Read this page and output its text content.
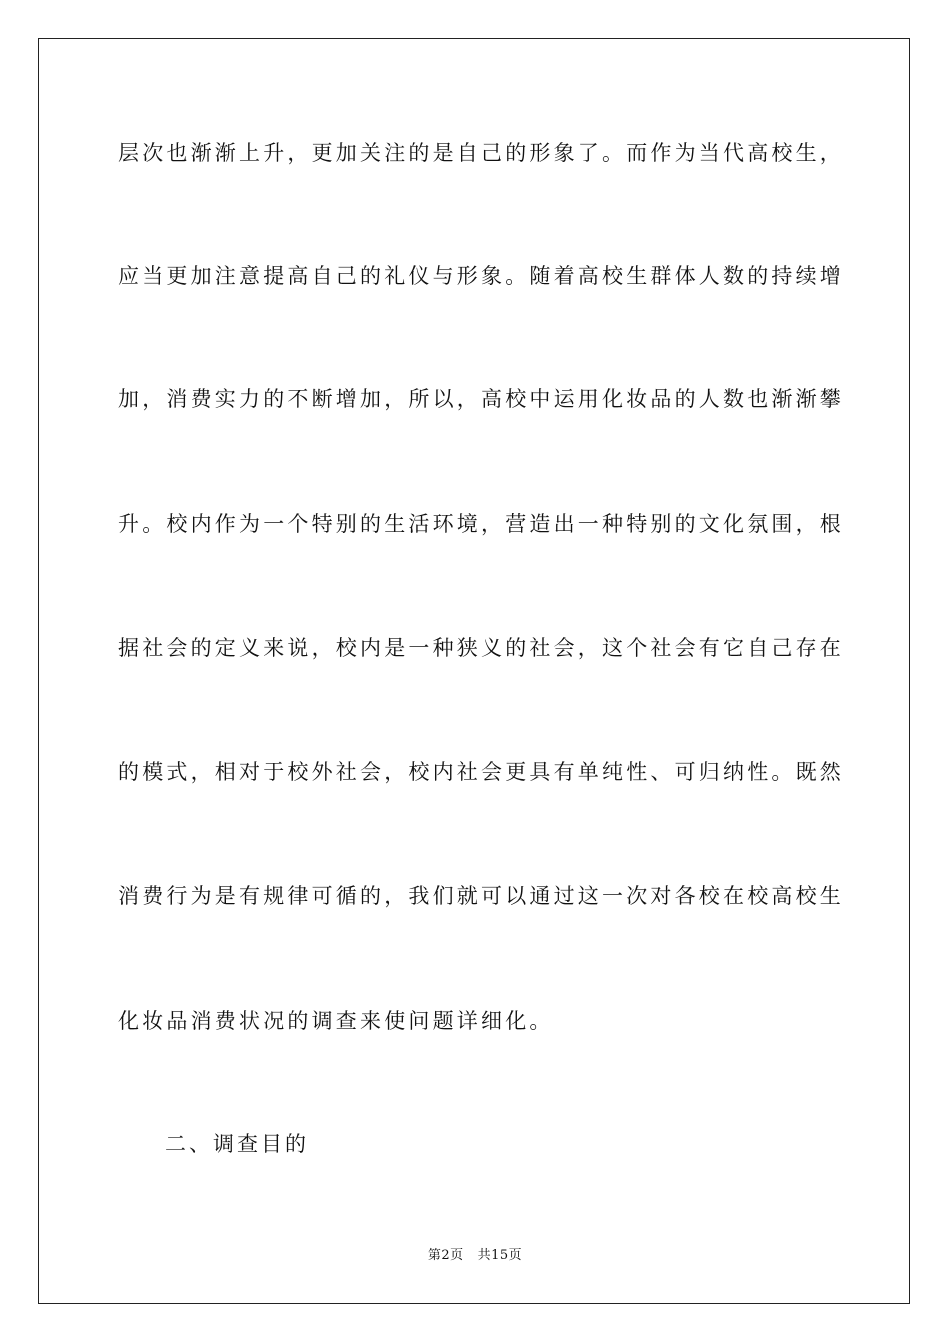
层次也渐渐上升，更加关注的是自己的形象了。而作为当代高校生，
应当更加注意提高自己的礼仪与形象。随着高校生群体人数的持续增
加，消费实力的不断增加，所以，高校中运用化妆品的人数也渐渐攀
升。校内作为一个特别的生活环境，营造出一种特别的文化氛围，根
据社会的定义来说，校内是一种狭义的社会，这个社会有它自己存在
的模式，相对于校外社会，校内社会更具有单纯性、可归纳性。既然
消费行为是有规律可循的，我们就可以通过这一次对各校在校高校生
化妆品消费状况的调查来使问题详细化。
二、调查目的
第2页 共15页
